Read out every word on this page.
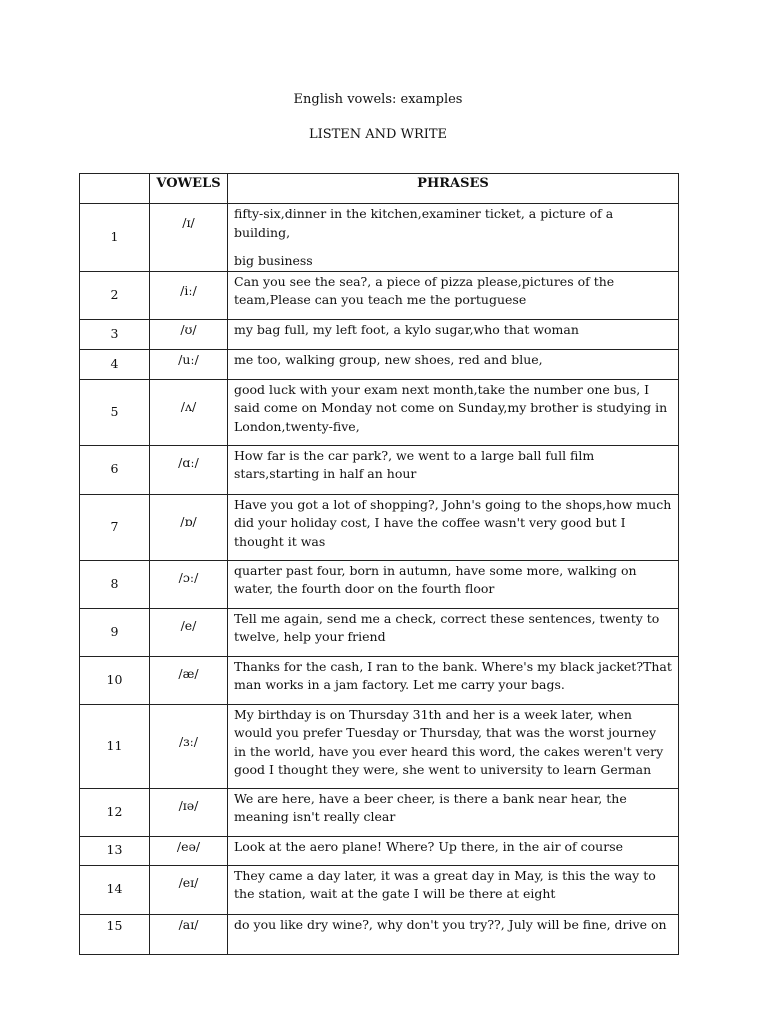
English vowels: examples
LISTEN AND WRITE
	VOWELS	PHRASES
1	/ɪ/	fifty-six,dinner in the kitchen,examiner ticket, a picture of a building,
big business

2	/iː/	Can you see the sea?, a piece of pizza please,pictures of the team,Please can you teach me the portuguese
3	/ʊ/	my bag full, my left foot, a kylo sugar,who that woman
4	/uː/	me too, walking group, new shoes, red and blue,
5	/ʌ/	good luck with your exam next month,take the number one bus, I said come on Monday not come on Sunday,my brother is studying in London,twenty-five,
6	/ɑː/	How far is the car park?, we went to a large ball full film stars,starting in half an hour
7	/ɒ/	Have you got a lot of shopping?, John's going to the shops,how much did your holiday cost, I have the coffee wasn't very good but I thought it was
8	/ɔː/	quarter past four, born in autumn, have some more, walking on water, the fourth door on the fourth floor
9	/e/	Tell me again, send me a check, correct these sentences, twenty to twelve, help your friend
10	/æ/	Thanks for the cash, I ran to the bank. Where's my black jacket?That man works in a jam factory. Let me carry your bags.
11	/ɜː/	My birthday is on Thursday 31th and her is a week later, when would you prefer Tuesday or Thursday, that was the worst journey in the world, have you ever heard this word, the cakes weren't very good I thought they were, she went to university to learn German
12	/ɪə/	We are here, have a beer cheer, is there a bank near hear, the meaning isn't really clear
13	/eə/	Look at the aero plane! Where? Up there, in the air of course
14	/eɪ/	They came a day later, it was a great day in May, is this the way to the station, wait at the gate I will be there at eight
15	/aɪ/	do you like dry wine?, why don't you try??, July will be fine, drive on
